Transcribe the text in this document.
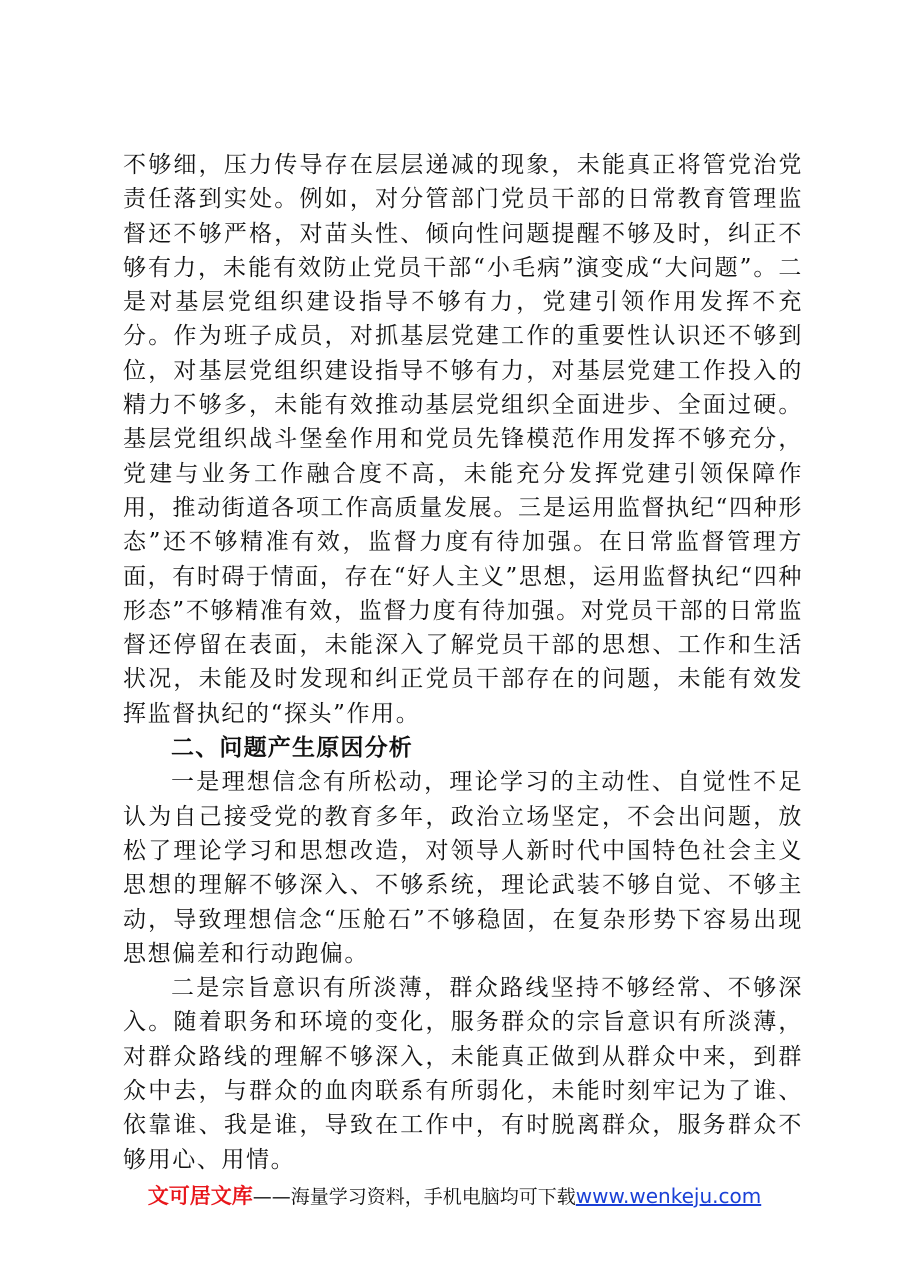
不够细，压力传导存在层层递减的现象，未能真正将管党治党责任落到实处。例如，对分管部门党员干部的日常教育管理监督还不够严格，对苗头性、倾向性问题提醒不够及时，纠正不够有力，未能有效防止党员干部“小毛病”演变成“大问题”。二是对基层党组织建设指导不够有力，党建引领作用发挥不充分。作为班子成员，对抓基层党建工作的重要性认识还不够到位，对基层党组织建设指导不够有力，对基层党建工作投入的精力不够多，未能有效推动基层党组织全面进步、全面过硬。基层党组织战斗堡垒作用和党员先锋模范作用发挥不够充分，党建与业务工作融合度不高，未能充分发挥党建引领保障作用，推动街道各项工作高质量发展。三是运用监督执纪“四种形态”还不够精准有效，监督力度有待加强。在日常监督管理方面，有时碍于情面，存在“好人主义”思想，运用监督执纪“四种形态”不够精准有效，监督力度有待加强。对党员干部的日常监督还停留在表面，未能深入了解党员干部的思想、工作和生活状况，未能及时发现和纠正党员干部存在的问题，未能有效发挥监督执纪的“探头”作用。

二、问题产生原因分析

一是理想信念有所松动，理论学习的主动性、自觉性不足认为自己接受党的教育多年，政治立场坚定，不会出问题，放松了理论学习和思想改造，对领导人新时代中国特色社会主义思想的理解不够深入、不够系统，理论武装不够自觉、不够主动，导致理想信念“压舱石”不够稳固，在复杂形势下容易出现思想偏差和行动跑偏。

二是宗旨意识有所淡薄，群众路线坚持不够经常、不够深入。随着职务和环境的变化，服务群众的宗旨意识有所淡薄，对群众路线的理解不够深入，未能真正做到从群众中来，到群众中去，与群众的血肉联系有所弱化，未能时刻牢记为了谁、依靠谁、我是谁，导致在工作中，有时脱离群众，服务群众不够用心、用情。

文可居文库——海量学习资料，手机电脑均可下载www.wenkeju.com
